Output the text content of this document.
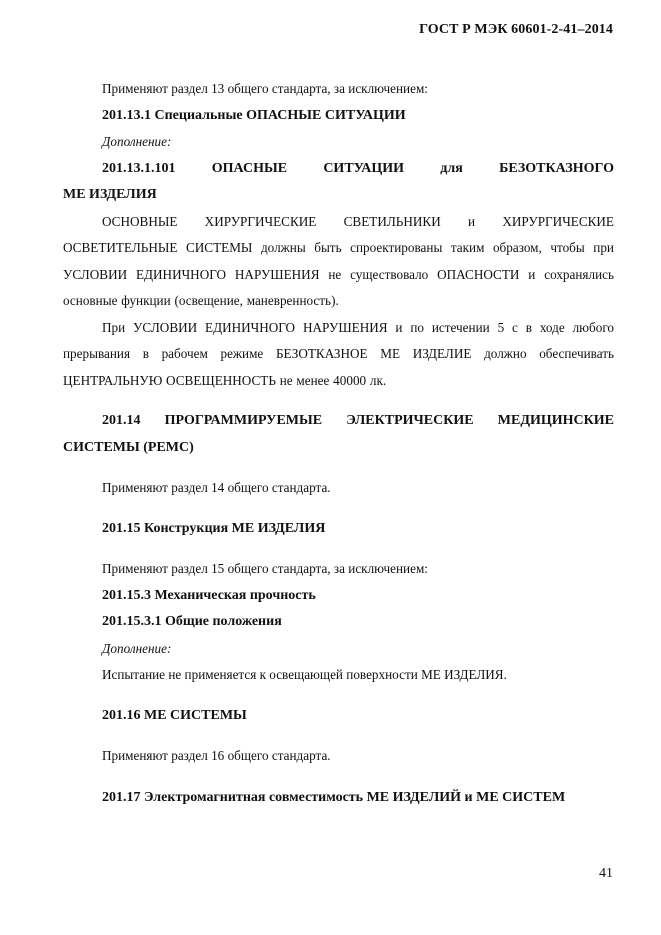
ГОСТ Р МЭК 60601-2-41–2014

Применяют раздел 13 общего стандарта, за исключением:

201.13.1 Специальные ОПАСНЫЕ СИТУАЦИИ

Дополнение:

201.13.1.101 ОПАСНЫЕ СИТУАЦИИ для БЕЗОТКАЗНОГО

МЕ ИЗДЕЛИЯ

ОСНОВНЫЕ ХИРУРГИЧЕСКИЕ СВЕТИЛЬНИКИ и ХИРУРГИЧЕСКИЕ ОСВЕТИТЕЛЬНЫЕ СИСТЕМЫ должны быть спроектированы таким образом, чтобы при УСЛОВИИ ЕДИНИЧНОГО НАРУШЕНИЯ не существовало ОПАСНОСТИ и сохранялись основные функции (освещение, маневренность).

При УСЛОВИИ ЕДИНИЧНОГО НАРУШЕНИЯ и по истечении 5 с в ходе любого прерывания в рабочем режиме БЕЗОТКАЗНОЕ МЕ ИЗДЕЛИЕ должно обеспечивать ЦЕНТРАЛЬНУЮ ОСВЕЩЕННОСТЬ не менее 40000 лк.

201.14 ПРОГРАММИРУЕМЫЕ ЭЛЕКТРИЧЕСКИЕ МЕДИЦИНСКИЕ СИСТЕМЫ (PEMС)

Применяют раздел 14 общего стандарта.

201.15 Конструкция МЕ ИЗДЕЛИЯ

Применяют раздел 15 общего стандарта, за исключением:

201.15.3 Механическая прочность

201.15.3.1 Общие положения

Дополнение:

Испытание не применяется к освещающей поверхности МЕ ИЗДЕЛИЯ.

201.16 МЕ СИСТЕМЫ

Применяют раздел 16 общего стандарта.

201.17 Электромагнитная совместимость МЕ ИЗДЕЛИЙ и МЕ СИСТЕМ

41
